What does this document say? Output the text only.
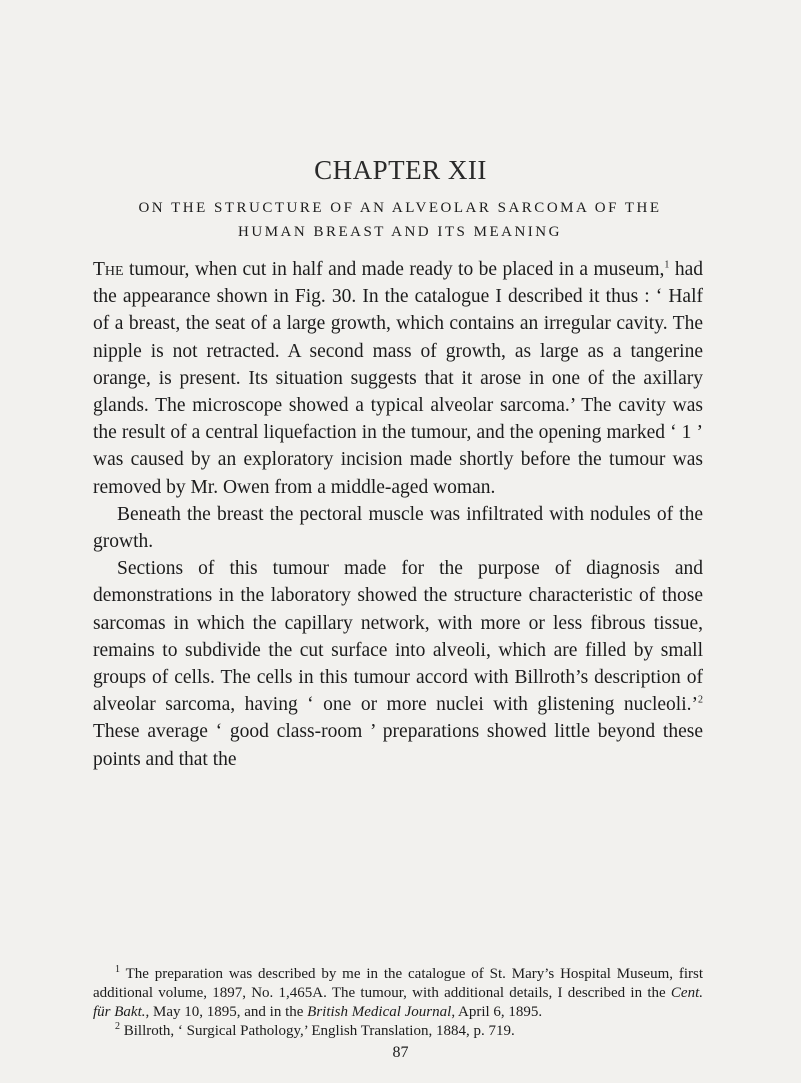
CHAPTER XII
ON THE STRUCTURE OF AN ALVEOLAR SARCOMA OF THE
HUMAN BREAST AND ITS MEANING

The tumour, when cut in half and made ready to be placed in a museum,$^1$ had the appearance shown in Fig. 30. In the catalogue I described it thus : ‘ Half of a breast, the seat of a large growth, which contains an irregular cavity. The nipple is not retracted. A second mass of growth, as large as a tangerine orange, is present. Its situation suggests that it arose in one of the axillary glands. The microscope showed a typical alveolar sarcoma.’ The cavity was the result of a central liquefaction in the tumour, and the opening marked ‘ 1 ’ was caused by an exploratory incision made shortly before the tumour was removed by Mr. Owen from a middle-aged woman.

Beneath the breast the pectoral muscle was infiltrated with nodules of the growth.

Sections of this tumour made for the purpose of diagnosis and demonstrations in the laboratory showed the structure characteristic of those sarcomas in which the capillary network, with more or less fibrous tissue, remains to subdivide the cut surface into alveoli, which are filled by small groups of cells. The cells in this tumour accord with Billroth’s description of alveolar sarcoma, having ‘ one or more nuclei with glistening nucleoli.’$^2$ These average ‘ good class-room ’ preparations showed little beyond these points and that the

$^1$ The preparation was described by me in the catalogue of St. Mary’s Hospital Museum, first additional volume, 1897, No. 1,465A. The tumour, with additional details, I described in the Cent. für Bakt., May 10, 1895, and in the British Medical Journal, April 6, 1895.

$^2$ Billroth, ‘ Surgical Pathology,’ English Translation, 1884, p. 719.

87
